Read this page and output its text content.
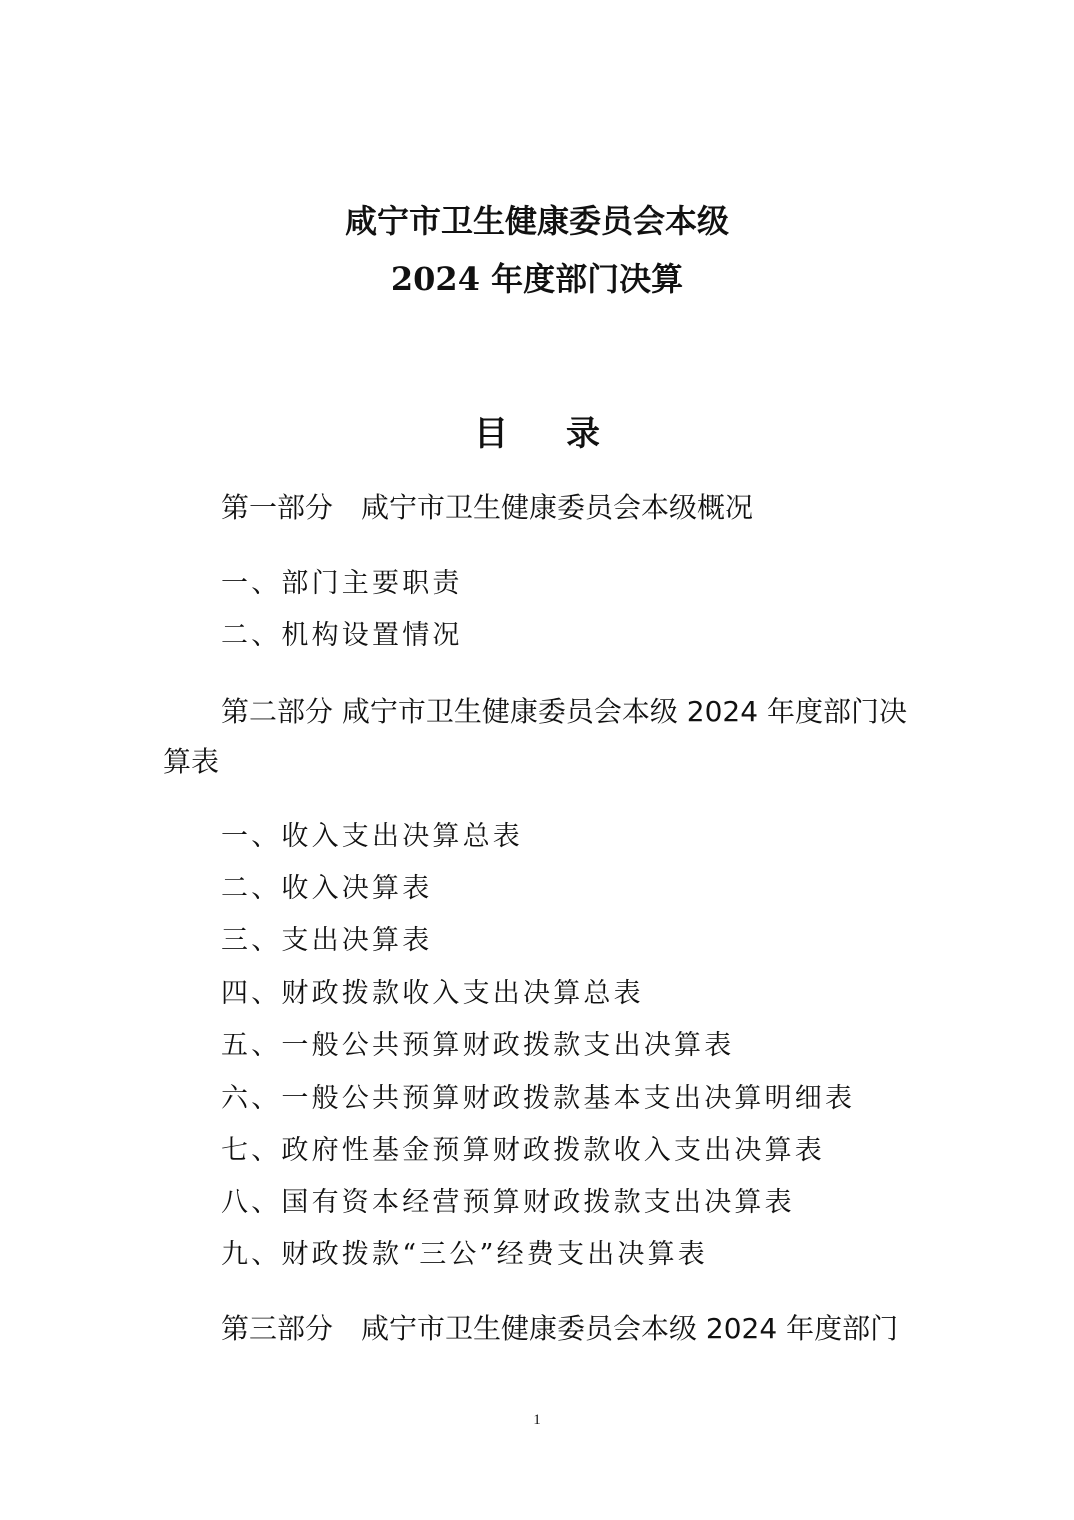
咸宁市卫生健康委员会本级
2024 年度部门决算
目 录
第一部分 咸宁市卫生健康委员会本级概况
一、部门主要职责
二、机构设置情况
第二部分 咸宁市卫生健康委员会本级 2024 年度部门决
算表
一、收入支出决算总表
二、收入决算表
三、支出决算表
四、财政拨款收入支出决算总表
五、一般公共预算财政拨款支出决算表
六、一般公共预算财政拨款基本支出决算明细表
七、政府性基金预算财政拨款收入支出决算表
八、国有资本经营预算财政拨款支出决算表
九、财政拨款“三公”经费支出决算表
第三部分 咸宁市卫生健康委员会本级 2024 年度部门
1
